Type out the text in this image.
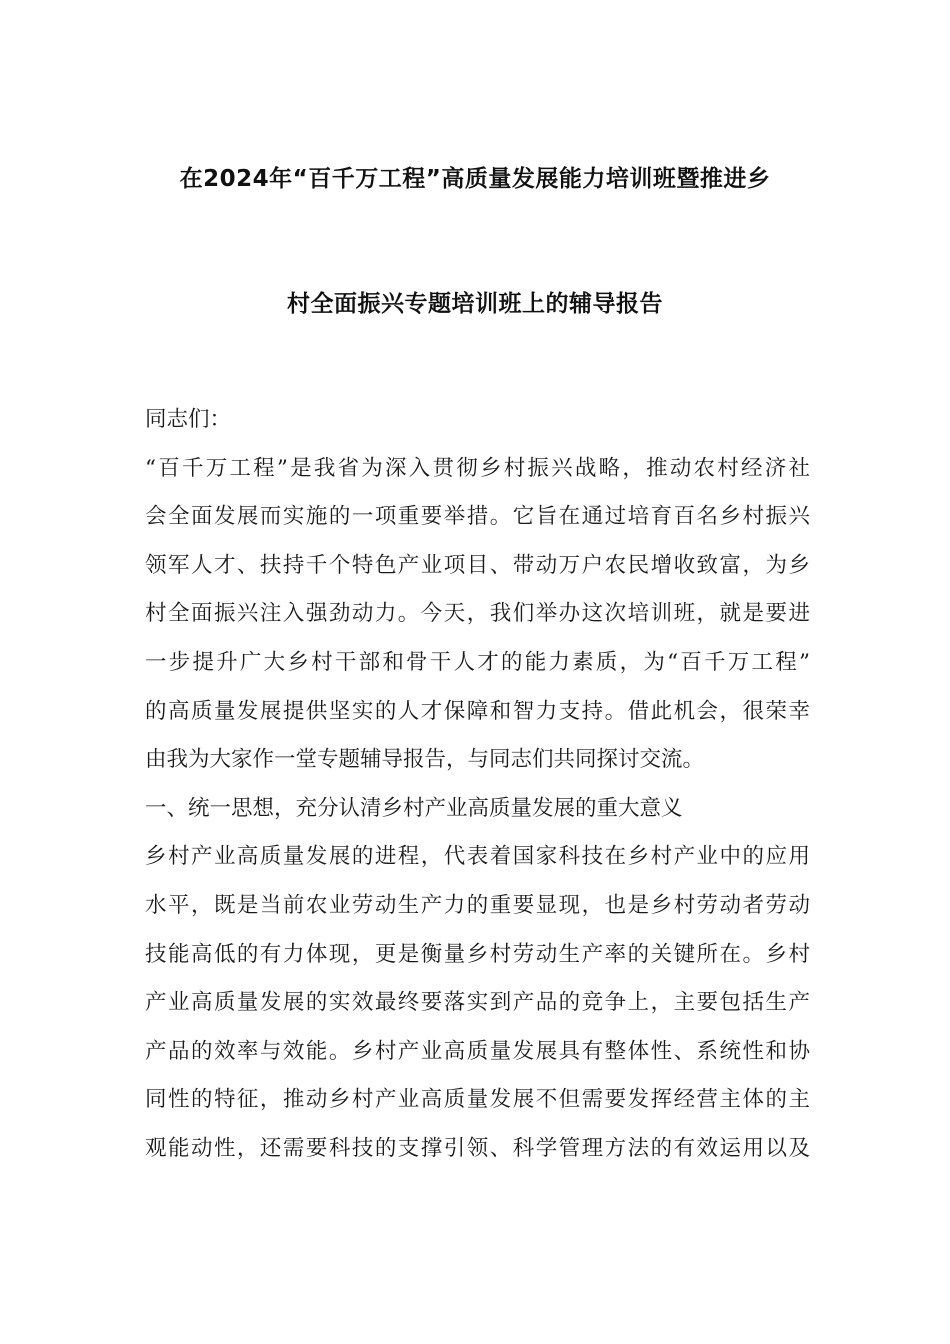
在2024年“百千万工程”高质量发展能力培训班暨推进乡
村全面振兴专题培训班上的辅导报告
同志们：
“百千万工程”是我省为深入贯彻乡村振兴战略，推动农村经济社
会全面发展而实施的一项重要举措。它旨在通过培育百名乡村振兴
领军人才、扶持千个特色产业项目、带动万户农民增收致富，为乡
村全面振兴注入强劲动力。今天，我们举办这次培训班，就是要进
一步提升广大乡村干部和骨干人才的能力素质，为“百千万工程”
的高质量发展提供坚实的人才保障和智力支持。借此机会，很荣幸
由我为大家作一堂专题辅导报告，与同志们共同探讨交流。
一、统一思想，充分认清乡村产业高质量发展的重大意义
乡村产业高质量发展的进程，代表着国家科技在乡村产业中的应用
水平，既是当前农业劳动生产力的重要显现，也是乡村劳动者劳动
技能高低的有力体现，更是衡量乡村劳动生产率的关键所在。乡村
产业高质量发展的实效最终要落实到产品的竞争上，主要包括生产
产品的效率与效能。乡村产业高质量发展具有整体性、系统性和协
同性的特征，推动乡村产业高质量发展不但需要发挥经营主体的主
观能动性，还需要科技的支撑引领、科学管理方法的有效运用以及
